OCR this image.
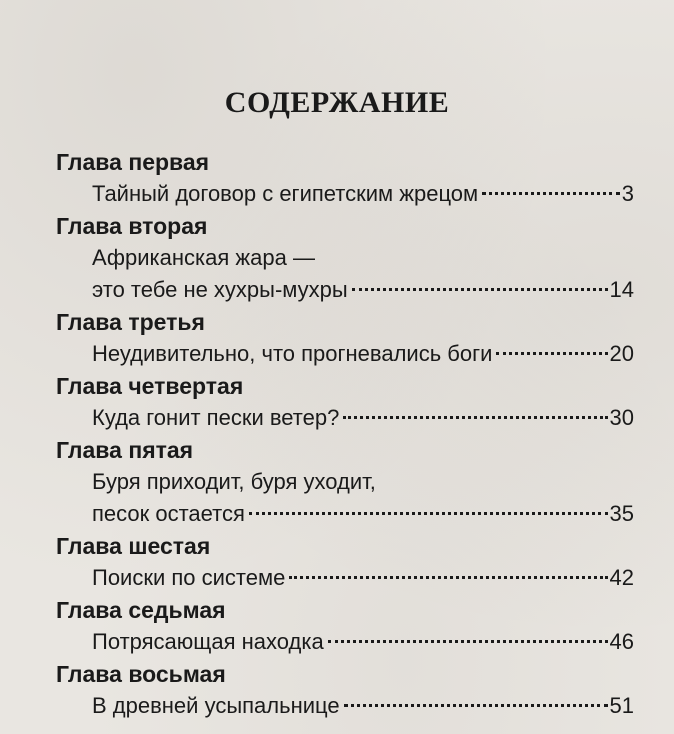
СОДЕРЖАНИЕ
Глава первая
Тайный договор с египетским жрецом	3
Глава вторая
Африканская жара —
это тебе не хухры-мухры	14
Глава третья
Неудивительно, что прогневались боги	20
Глава четвертая
Куда гонит пески ветер?	30
Глава пятая
Буря приходит, буря уходит,
песок остается	35
Глава шестая
Поиски по системе	42
Глава седьмая
Потрясающая находка	46
Глава восьмая
В древней усыпальнице	51
